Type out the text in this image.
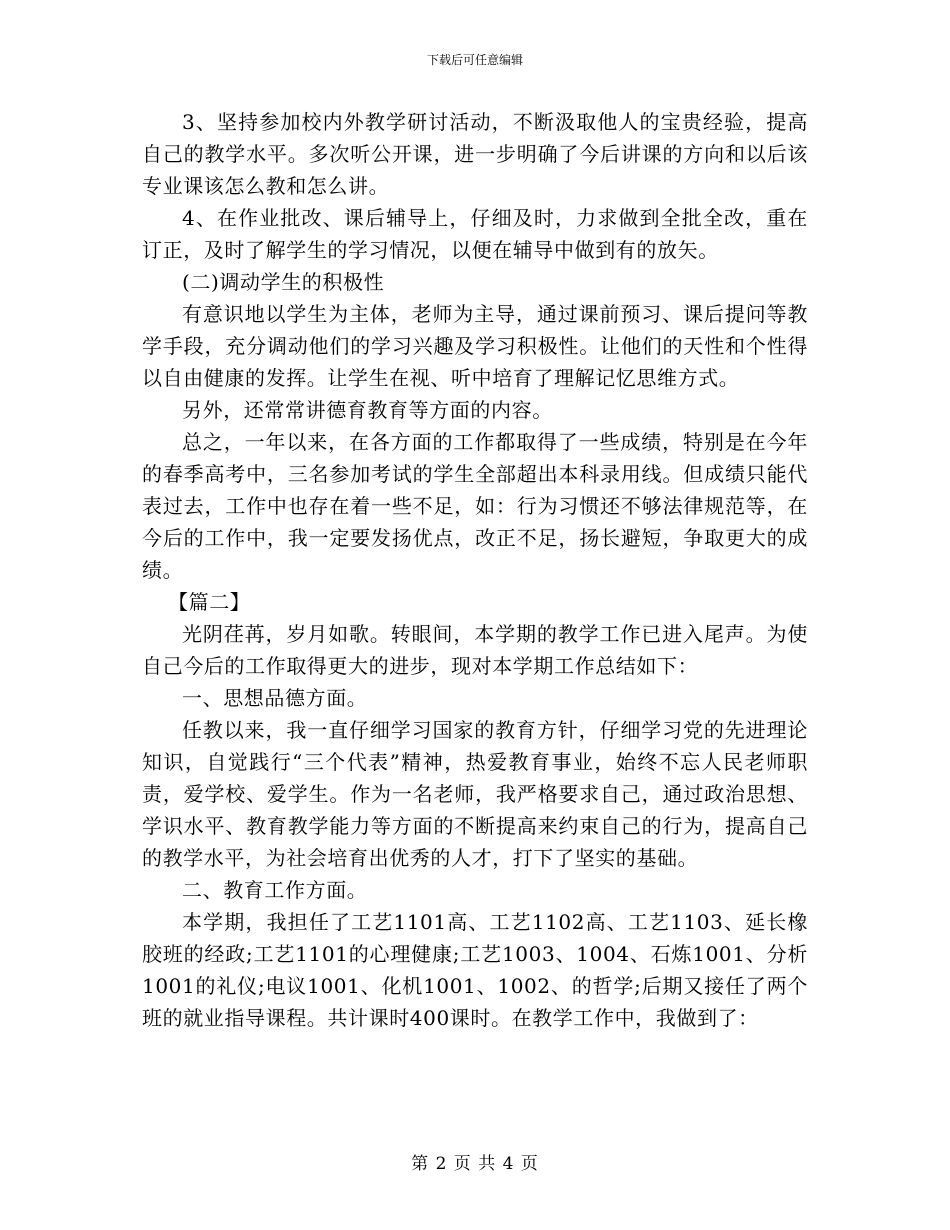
下载后可任意编辑

3、坚持参加校内外教学研讨活动，不断汲取他人的宝贵经验，提高自己的教学水平。多次听公开课，进一步明确了今后讲课的方向和以后该专业课该怎么教和怎么讲。

4、在作业批改、课后辅导上，仔细及时，力求做到全批全改，重在订正，及时了解学生的学习情况，以便在辅导中做到有的放矢。

(二)调动学生的积极性

有意识地以学生为主体，老师为主导，通过课前预习、课后提问等教学手段，充分调动他们的学习兴趣及学习积极性。让他们的天性和个性得以自由健康的发挥。让学生在视、听中培育了理解记忆思维方式。

另外，还常常讲德育教育等方面的内容。

总之，一年以来，在各方面的工作都取得了一些成绩，特别是在今年的春季高考中，三名参加考试的学生全部超出本科录用线。但成绩只能代表过去，工作中也存在着一些不足，如：行为习惯还不够法律规范等，在今后的工作中，我一定要发扬优点，改正不足，扬长避短，争取更大的成绩。

【篇二】

光阴荏苒，岁月如歌。转眼间，本学期的教学工作已进入尾声。为使自己今后的工作取得更大的进步，现对本学期工作总结如下：

一、思想品德方面。

任教以来，我一直仔细学习国家的教育方针，仔细学习党的先进理论知识，自觉践行“三个代表”精神，热爱教育事业，始终不忘人民老师职责，爱学校、爱学生。作为一名老师，我严格要求自己，通过政治思想、学识水平、教育教学能力等方面的不断提高来约束自己的行为，提高自己的教学水平，为社会培育出优秀的人才，打下了坚实的基础。

二、教育工作方面。

本学期，我担任了工艺1101高、工艺1102高、工艺1103、延长橡胶班的经政;工艺1101的心理健康;工艺1003、1004、石炼1001、分析1001的礼仪;电议1001、化机1001、1002、的哲学;后期又接任了两个班的就业指导课程。共计课时400课时。在教学工作中，我做到了：

第 2 页 共 4 页
